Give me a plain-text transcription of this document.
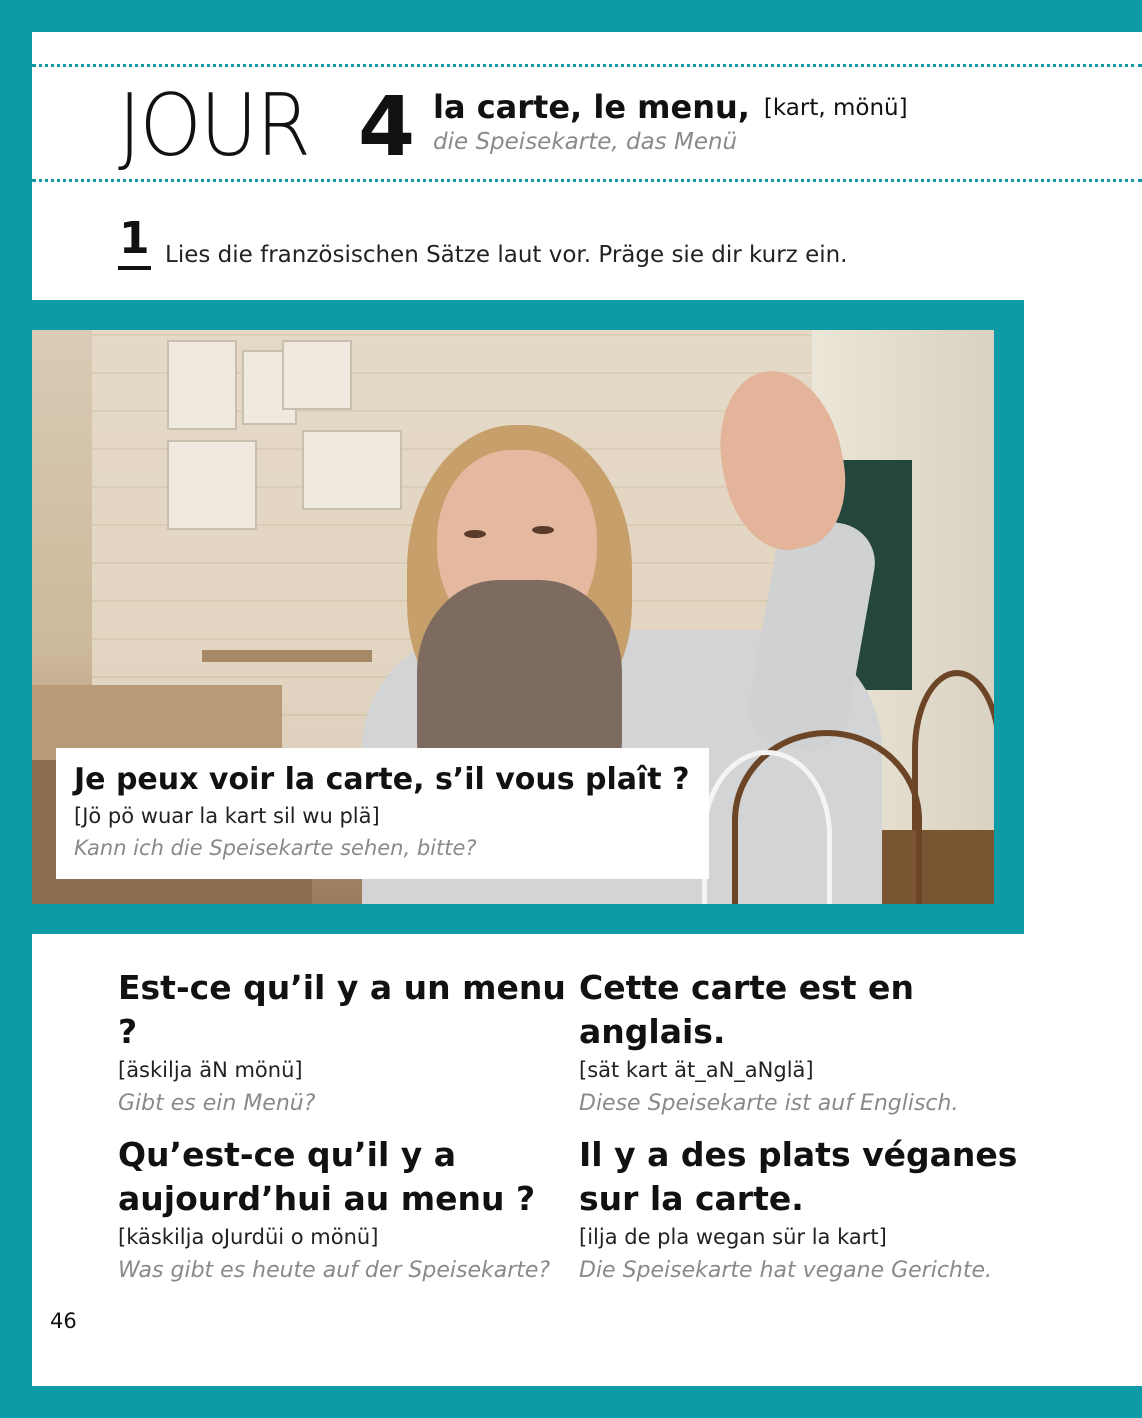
JOUR 4 la carte, le menu, [kart, mönü]
die Speisekarte, das Menü
1 Lies die französischen Sätze laut vor. Präge sie dir kurz ein.
Je peux voir la carte, s’il vous plaît ?
[Jö pö wuar la kart sil wu plä]
Kann ich die Speisekarte sehen, bitte?
Est-ce qu’il y a un menu ?
[äskilja äN mönü]
Gibt es ein Menü?
Cette carte est en anglais.
[sät kart ät_aN_aNglä]
Diese Speisekarte ist auf Englisch.
Qu’est-ce qu’il y a aujourd’hui au menu ?
[käskilja oJurdüi o mönü]
Was gibt es heute auf der Speisekarte?
Il y a des plats véganes sur la carte.
[ilja de pla wegan sür la kart]
Die Speisekarte hat vegane Gerichte.
46
